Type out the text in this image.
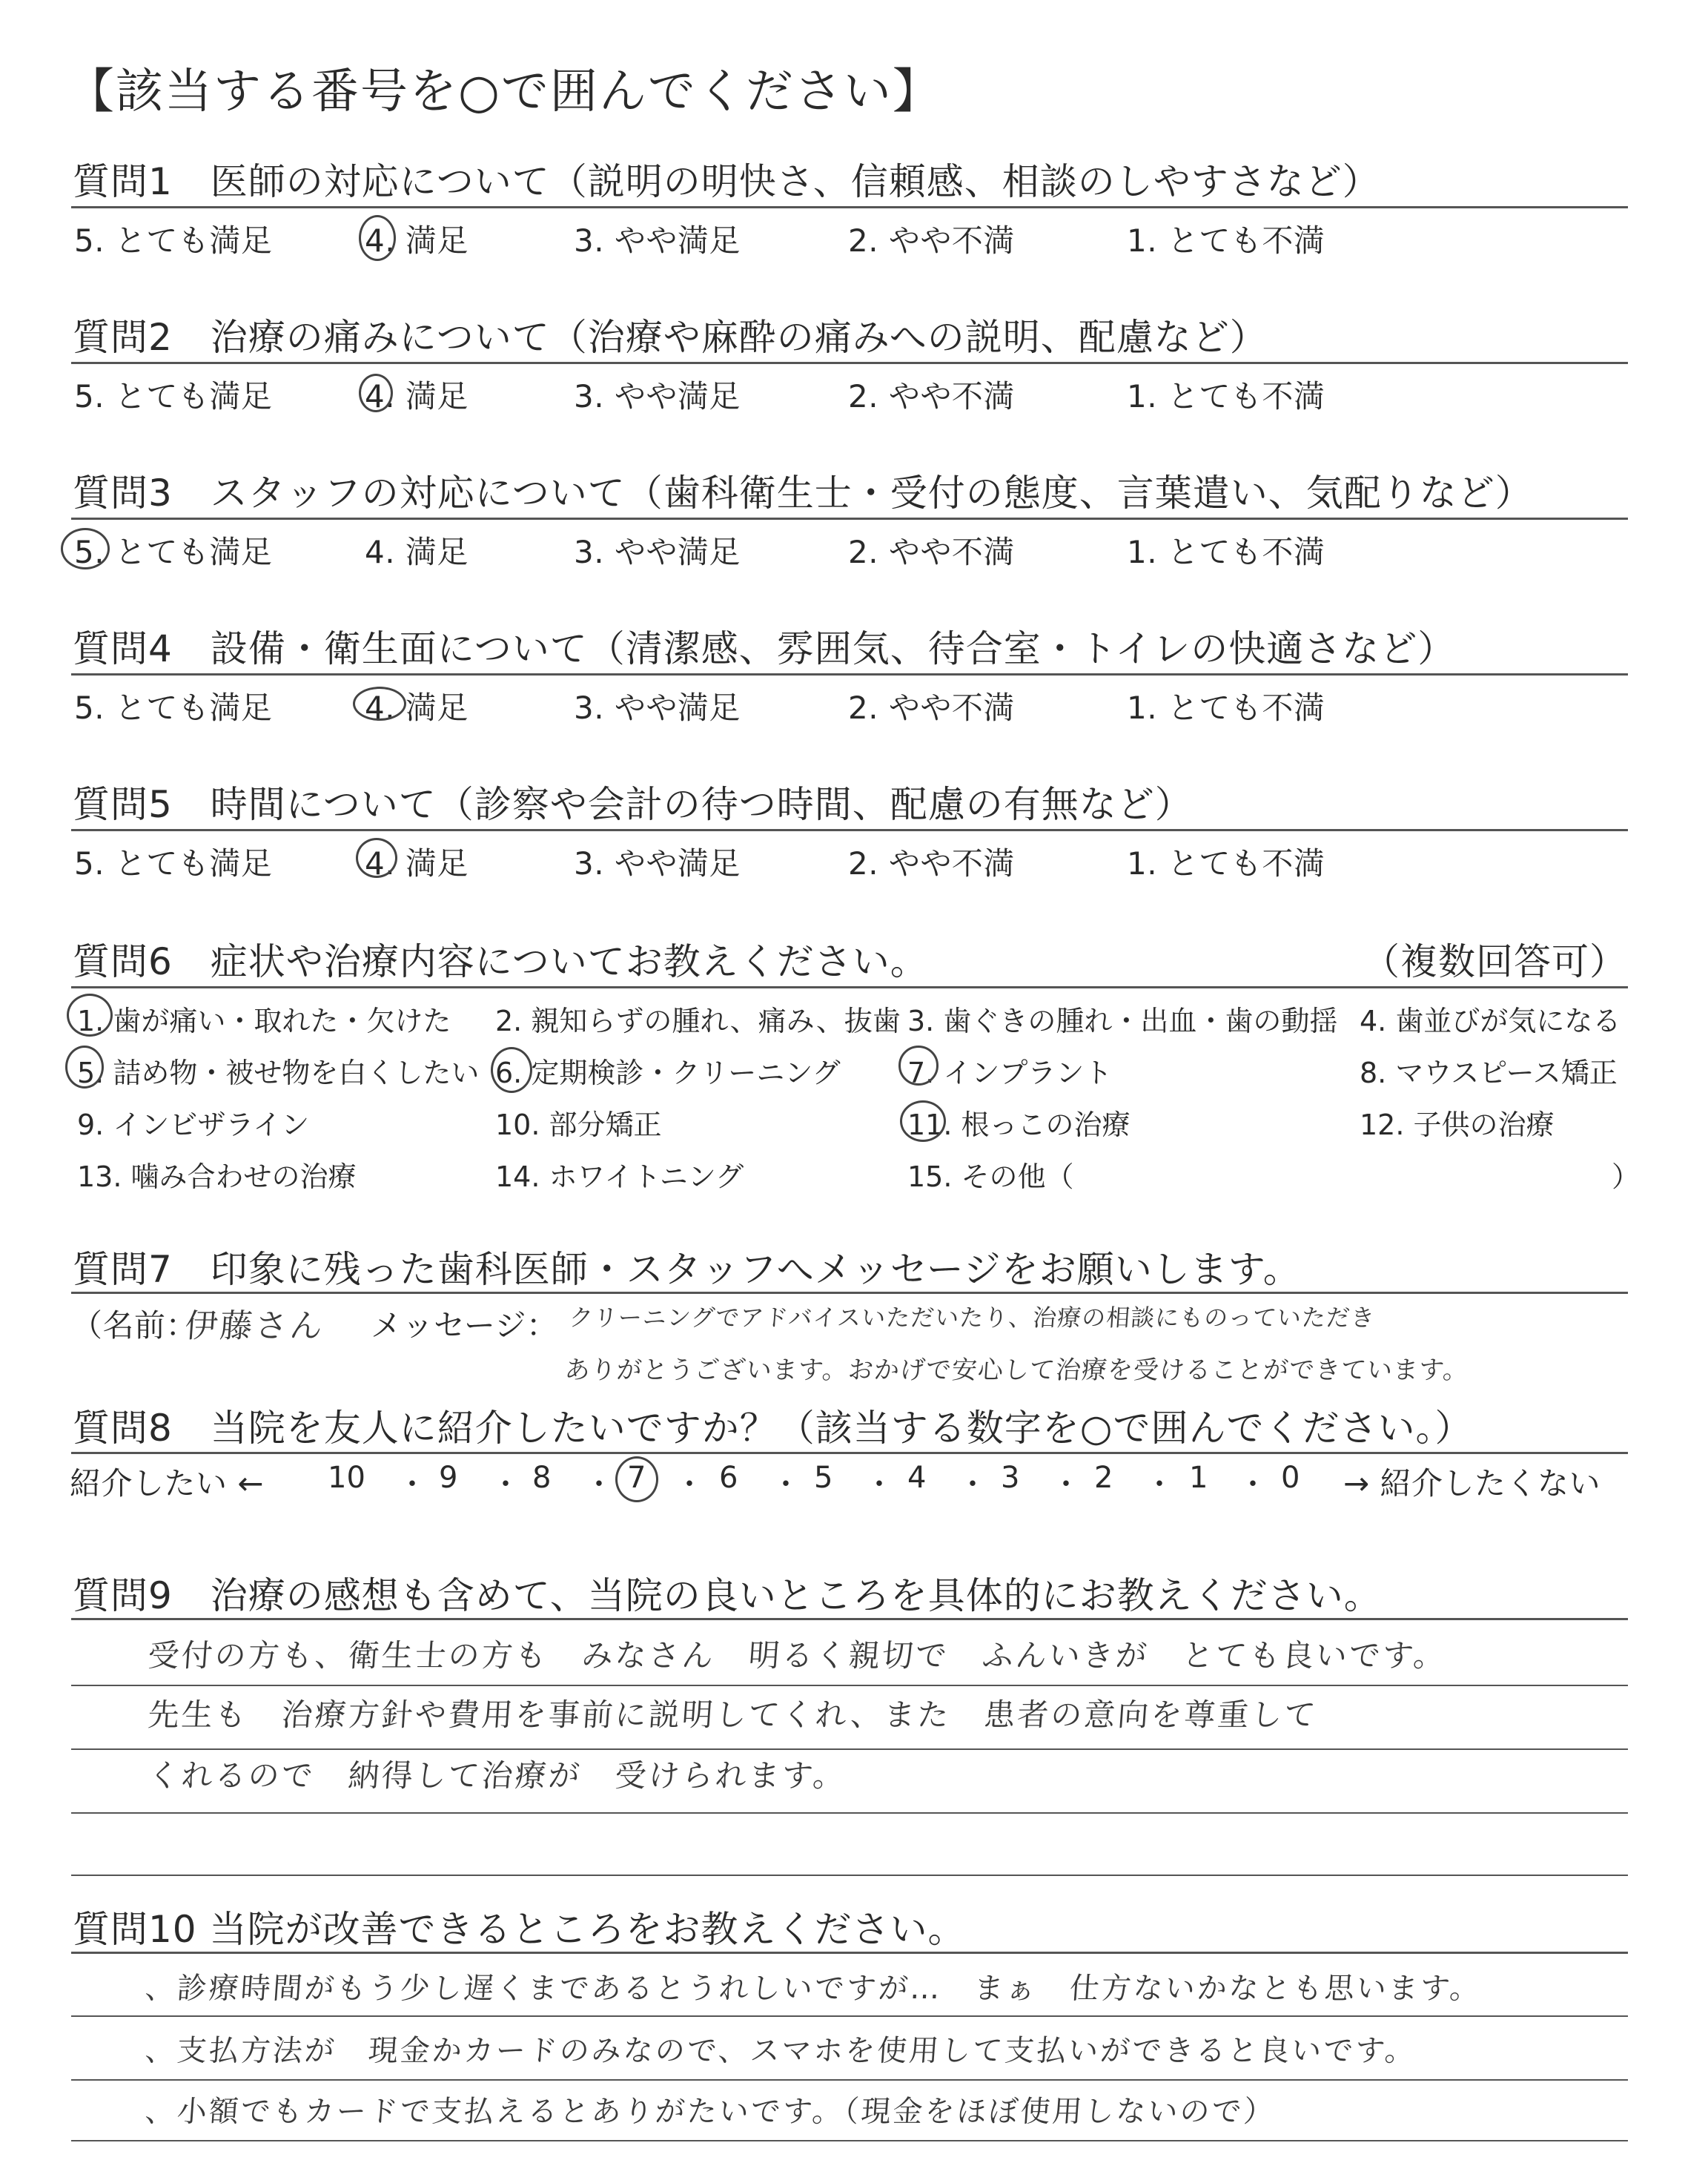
【該当する番号を○で囲んでください】
質問1　医師の対応について（説明の明快さ、信頼感、相談のしやすさなど）
5. とても満足	4. 満足	3. やや満足	2. やや不満	1. とても不満
質問2　治療の痛みについて（治療や麻酔の痛みへの説明、配慮など）
5. とても満足	4. 満足	3. やや満足	2. やや不満	1. とても不満
質問3　スタッフの対応について（歯科衛生士・受付の態度、言葉遣い、気配りなど）
5. とても満足	4. 満足	3. やや満足	2. やや不満	1. とても不満
質問4　設備・衛生面について（清潔感、雰囲気、待合室・トイレの快適さなど）
5. とても満足	4. 満足	3. やや満足	2. やや不満	1. とても不満
質問5　時間について（診察や会計の待つ時間、配慮の有無など）
5. とても満足	4. 満足	3. やや満足	2. やや不満	1. とても不満
質問6　症状や治療内容についてお教えください。	（複数回答可）
1. 歯が痛い・取れた・欠けた 2. 親知らずの腫れ、痛み、抜歯 3. 歯ぐきの腫れ・出血・歯の動揺 4. 歯並びが気になる
5. 詰め物・被せ物を白くしたい 6. 定期検診・クリーニング 7. インプラント	8. マウスピース矯正
9. インビザライン	10. 部分矯正	11. 根っこの治療	12. 子供の治療
13. 噛み合わせの治療	14. ホワイトニング	15. その他（	）
質問7　印象に残った歯科医師・スタッフへメッセージをお願いします。
（名前：
伊藤さん メッセージ： クリーニングでアドバイスいただいたり、治療の相談にものっていただき
ありがとうございます。おかげで安心して治療を受けることができています。
質問8　当院を友人に紹介したいですか？（該当する数字を○で囲んでください。）
紹介したい ←	→ 紹介したくない
10 ・ 9 ・ 8 ・ 7 ・ 6 ・ 5 ・ 4 ・ 3 ・ 2 ・ 1 ・ 0
質問9　治療の感想も含めて、当院の良いところを具体的にお教えください。
受付の方も、衛生士の方も　みなさん　明るく親切で　ふんいきが　とても良いです。
先生も　治療方針や費用を事前に説明してくれ、また　患者の意向を尊重して
くれるので　納得して治療が　受けられます。
質問10 当院が改善できるところをお教えください。
、診療時間がもう少し遅くまであるとうれしいですが…　まぁ　仕方ないかなとも思います。
、支払方法が　現金かカードのみなので、スマホを使用して支払いができると良いです。
、小額でもカードで支払えるとありがたいです。（現金をほぼ使用しないので）
